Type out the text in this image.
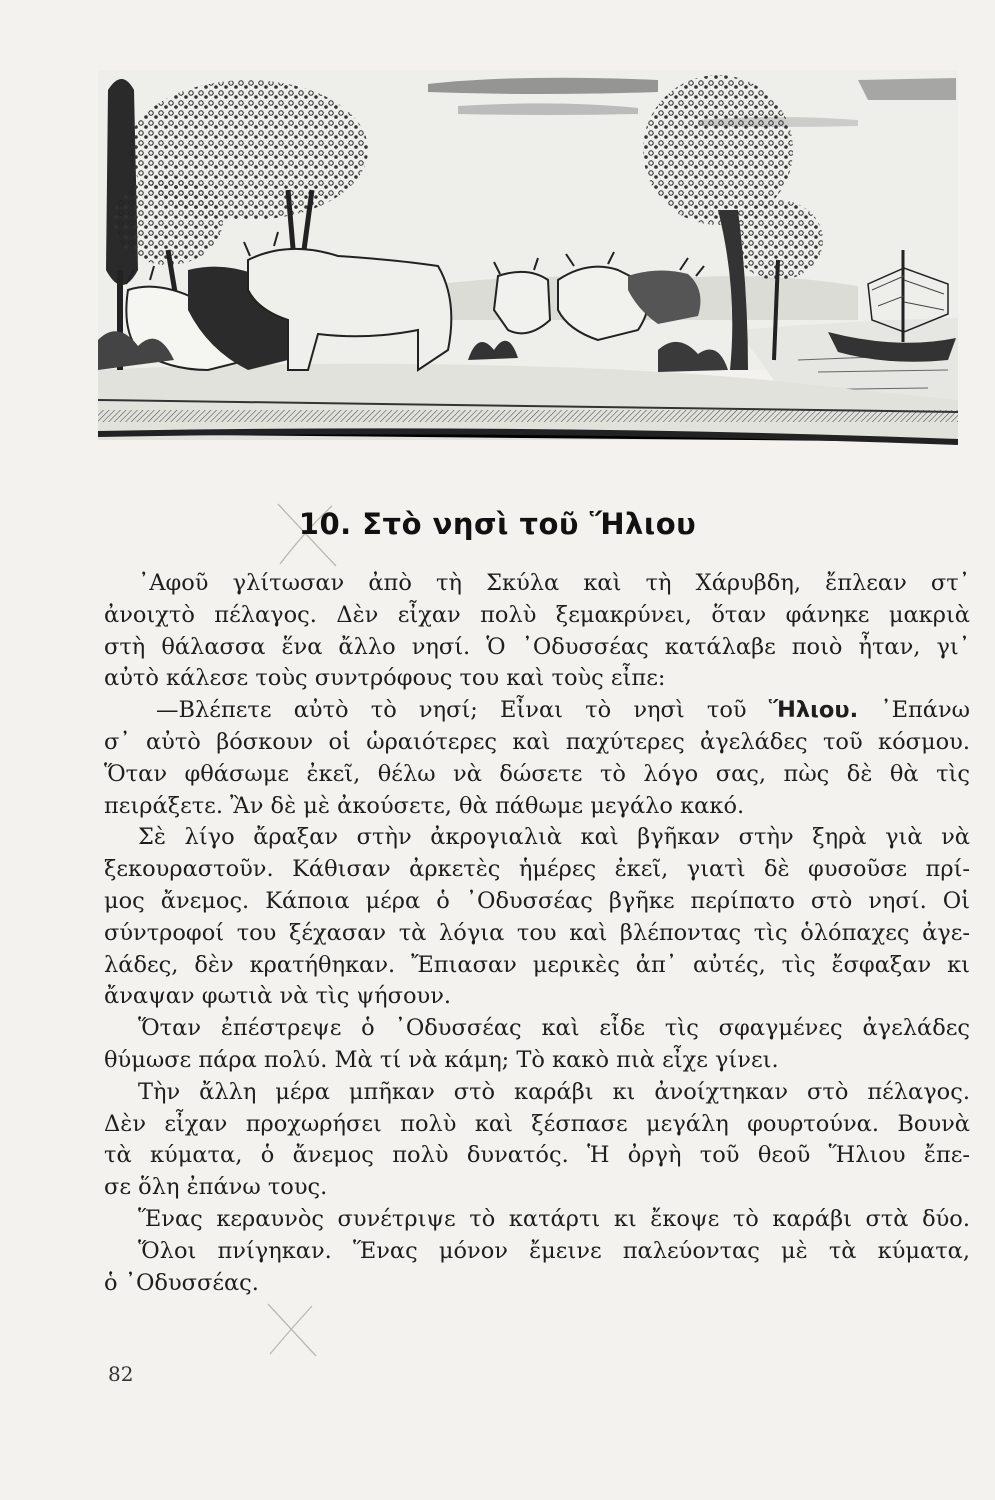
10. Στὸ νησὶ τοῦ Ἥλιου
᾿Αφοῦ γλίτωσαν ἀπὸ τὴ Σκύλα καὶ τὴ Χάρυβδη, ἔπλεαν στ᾿
ἀνοιχτὸ πέλαγος. Δὲν εἶχαν πολὺ ξεμακρύνει, ὅταν φάνηκε μακριὰ
στὴ θάλασσα ἕνα ἄλλο νησί. Ὁ ᾿Οδυσσέας κατάλαβε ποιὸ ἦταν, γι᾿
αὐτὸ κάλεσε τοὺς συντρόφους του καὶ τοὺς εἶπε:
—Βλέπετε αὐτὸ τὸ νησί; Εἶναι τὸ νησὶ τοῦ Ἥλιου. ᾿Επάνω
σ᾿ αὐτὸ βόσκουν οἱ ὡραιότερες καὶ παχύτερες ἀγελάδες τοῦ κόσμου.
Ὅταν φθάσωμε ἐκεῖ, θέλω νὰ δώσετε τὸ λόγο σας, πὼς δὲ θὰ τὶς
πειράξετε. Ἂν δὲ μὲ ἀκούσετε, θὰ πάθωμε μεγάλο κακό.
Σὲ λίγο ἄραξαν στὴν ἀκρογιαλιὰ καὶ βγῆκαν στὴν ξηρὰ γιὰ νὰ
ξεκουραστοῦν. Κάθισαν ἀρκετὲς ἡμέρες ἐκεῖ, γιατὶ δὲ φυσοῦσε πρί-
μος ἄνεμος. Κάποια μέρα ὁ ᾿Οδυσσέας βγῆκε περίπατο στὸ νησί. Οἱ
σύντροφοί του ξέχασαν τὰ λόγια του καὶ βλέποντας τὶς ὁλόπαχες ἀγε-
λάδες, δὲν κρατήθηκαν. Ἔπιασαν μερικὲς ἀπ᾿ αὐτές, τὶς ἔσφαξαν κι
ἄναψαν φωτιὰ νὰ τὶς ψήσουν.
Ὅταν ἐπέστρεψε ὁ ᾿Οδυσσέας καὶ εἶδε τὶς σφαγμένες ἀγελάδες
θύμωσε πάρα πολύ. Μὰ τί νὰ κάμη; Τὸ κακὸ πιὰ εἶχε γίνει.
Τὴν ἄλλη μέρα μπῆκαν στὸ καράβι κι ἀνοίχτηκαν στὸ πέλαγος.
Δὲν εἶχαν προχωρήσει πολὺ καὶ ξέσπασε μεγάλη φουρτούνα. Βουνὰ
τὰ κύματα, ὁ ἄνεμος πολὺ δυνατός. Ἡ ὀργὴ τοῦ θεοῦ Ἥλιου ἔπε-
σε ὅλη ἐπάνω τους.
Ἕνας κεραυνὸς συνέτριψε τὸ κατάρτι κι ἔκοψε τὸ καράβι στὰ δύο.
Ὅλοι πνίγηκαν. Ἕνας μόνον ἔμεινε παλεύοντας μὲ τὰ κύματα,
ὁ ᾿Οδυσσέας.
82
